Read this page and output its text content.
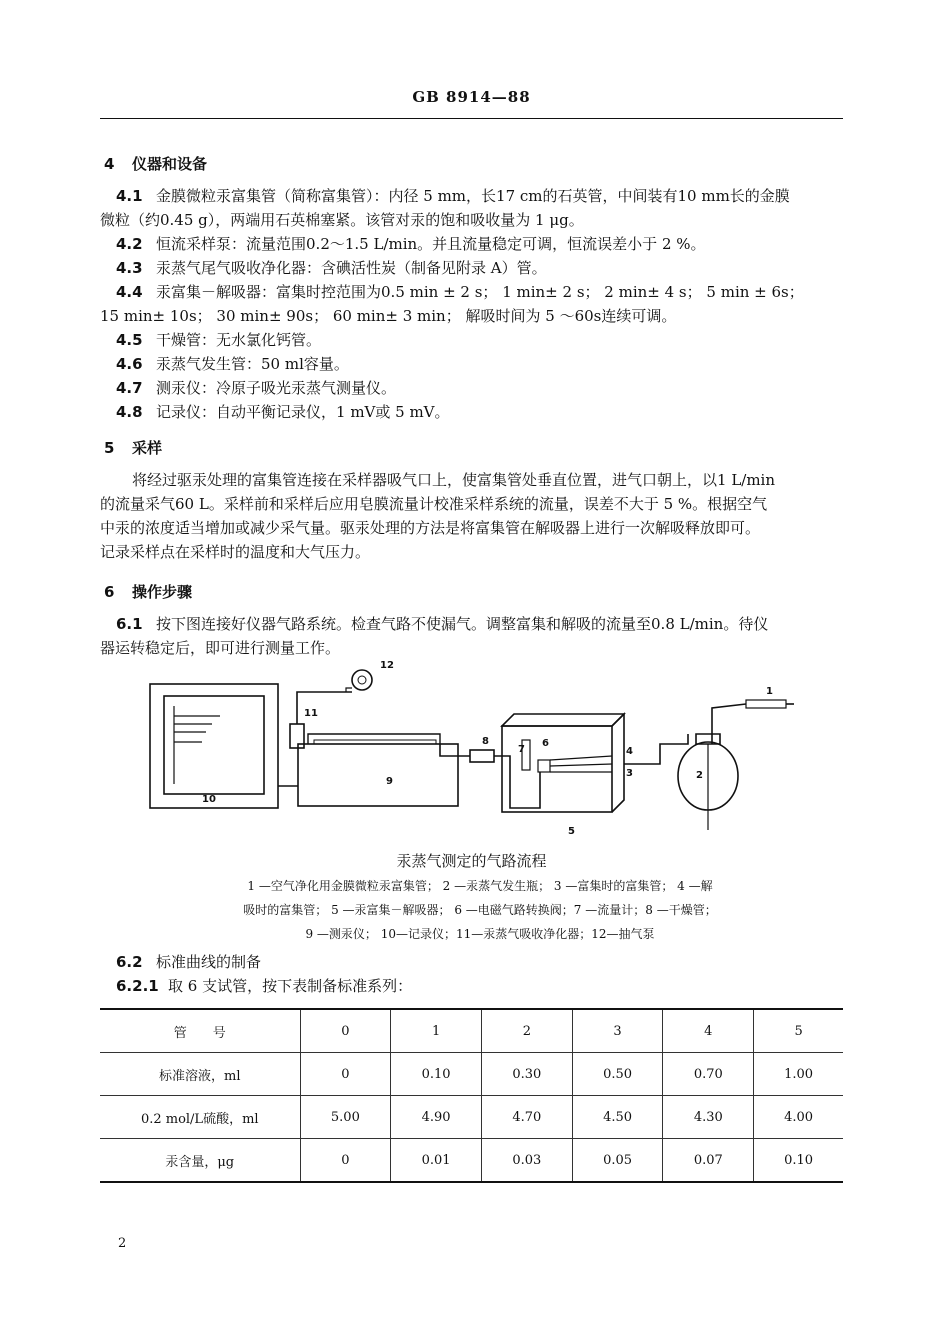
GB 8914—88
4 仪器和设备
4.1 金膜微粒汞富集管（简称富集管）：内径 5 mm，长17 cm的石英管，中间装有10 mm长的金膜
微粒（约0.45 g），两端用石英棉塞紧。该管对汞的饱和吸收量为 1 μg。
4.2 恒流采样泵：流量范围0.2～1.5 L/min。并且流量稳定可调，恒流误差小于 2 %。
4.3 汞蒸气尾气吸收净化器：含碘活性炭（制备见附录 A）管。
4.4 汞富集－解吸器：富集时控范围为0.5 min ± 2 s； 1 min± 2 s； 2 min± 4 s； 5 min ± 6s；
15 min± 10s； 30 min± 90s； 60 min± 3 min； 解吸时间为 5 ～60s连续可调。
4.5 干燥管：无水氯化钙管。
4.6 汞蒸气发生管：50 ml容量。
4.7 测汞仪：冷原子吸光汞蒸气测量仪。
4.8 记录仪：自动平衡记录仪，1 mV或 5 mV。
5 采样
将经过驱汞处理的富集管连接在采样器吸气口上，使富集管处垂直位置，进气口朝上，以1 L/min
的流量采气60 L。采样前和采样后应用皂膜流量计校准采样系统的流量，误差不大于 5 %。根据空气
中汞的浓度适当增加或减少采气量。驱汞处理的方法是将富集管在解吸器上进行一次解吸释放即可。
记录采样点在采样时的温度和大气压力。
6 操作步骤
6.1 按下图连接好仪器气路系统。检查气路不使漏气。调整富集和解吸的流量至0.8 L/min。待仪
器运转稳定后，即可进行测量工作。
1
2
3
4
5
6
7
8
9
10
11
12
汞蒸气测定的气路流程
1 —空气净化用金膜微粒汞富集管； 2 —汞蒸气发生瓶； 3 —富集时的富集管； 4 —解
吸时的富集管； 5 —汞富集－解吸器； 6 —电磁气路转换阀；7 —流量计；8 —干燥管；
9 —测汞仪； 10—记录仪；11—汞蒸气吸收净化器；12—抽气泵
6.2 标准曲线的制备
6.2.1 取 6 支试管，按下表制备标准系列：
管　　号	0	1	2	3	4	5
标准溶液，ml	0	0.10	0.30	0.50	0.70	1.00
0.2 mol/L硫酸，ml	5.00	4.90	4.70	4.50	4.30	4.00
汞含量，μg	0	0.01	0.03	0.05	0.07	0.10
2
